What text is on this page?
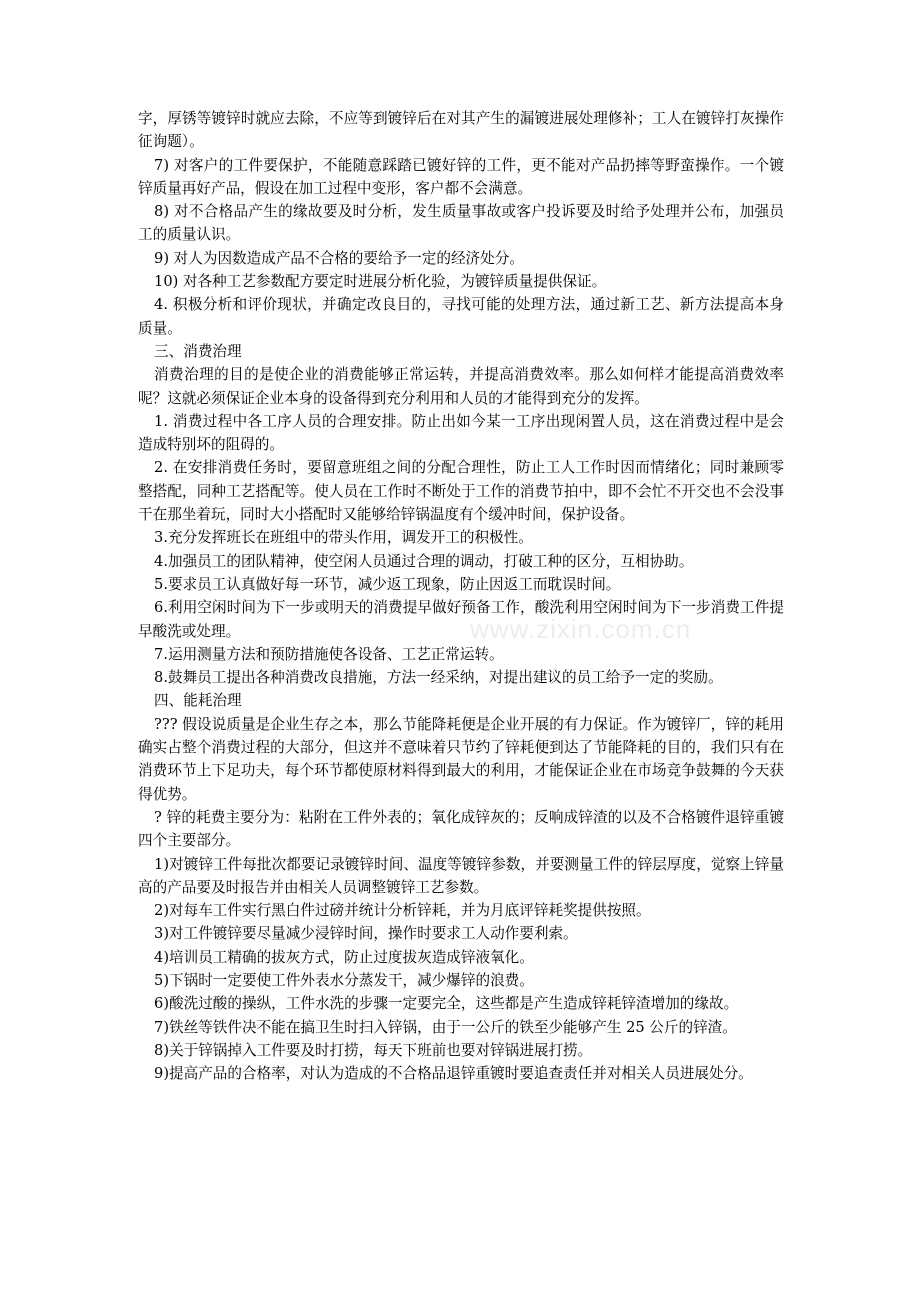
字，厚锈等镀锌时就应去除，不应等到镀锌后在对其产生的漏镀进展处理修补；工人在镀锌打灰操作征询题）。

7) 对客户的工件要保护，不能随意踩踏已镀好锌的工件，更不能对产品扔摔等野蛮操作。一个镀锌质量再好产品，假设在加工过程中变形，客户都不会满意。

8) 对不合格品产生的缘故要及时分析，发生质量事故或客户投诉要及时给予处理并公布，加强员工的质量认识。

9) 对人为因数造成产品不合格的要给予一定的经济处分。

10) 对各种工艺参数配方要定时进展分析化验，为镀锌质量提供保证。

4. 积极分析和评价现状，并确定改良目的，寻找可能的处理方法，通过新工艺、新方法提高本身质量。

三、消费治理

消费治理的目的是使企业的消费能够正常运转，并提高消费效率。那么如何样才能提高消费效率呢？这就必须保证企业本身的设备得到充分利用和人员的才能得到充分的发挥。

1. 消费过程中各工序人员的合理安排。防止出如今某一工序出现闲置人员，这在消费过程中是会造成特别坏的阻碍的。

2. 在安排消费任务时，要留意班组之间的分配合理性，防止工人工作时因而情绪化；同时兼顾零整搭配，同种工艺搭配等。使人员在工作时不断处于工作的消费节拍中，即不会忙不开交也不会没事干在那坐着玩，同时大小搭配时又能够给锌锅温度有个缓冲时间，保护设备。

3.充分发挥班长在班组中的带头作用，调发开工的积极性。

4.加强员工的团队精神，使空闲人员通过合理的调动，打破工种的区分，互相协助。

5.要求员工认真做好每一环节，减少返工现象，防止因返工而耽误时间。

6.利用空闲时间为下一步或明天的消费提早做好预备工作，酸洗利用空闲时间为下一步消费工件提早酸洗或处理。

7.运用测量方法和预防措施使各设备、工艺正常运转。

8.鼓舞员工提出各种消费改良措施，方法一经采纳，对提出建议的员工给予一定的奖励。

四、能耗治理

??? 假设说质量是企业生存之本，那么节能降耗便是企业开展的有力保证。作为镀锌厂，锌的耗用确实占整个消费过程的大部分，但这并不意味着只节约了锌耗便到达了节能降耗的目的，我们只有在消费环节上下足功夫，每个环节都使原材料得到最大的利用，才能保证企业在市场竞争鼓舞的今天获得优势。

? 锌的耗费主要分为：粘附在工件外表的；氧化成锌灰的；反响成锌渣的以及不合格镀件退锌重镀四个主要部分。

1)对镀锌工件每批次都要记录镀锌时间、温度等镀锌参数，并要测量工件的锌层厚度，觉察上锌量高的产品要及时报告并由相关人员调整镀锌工艺参数。

2)对每车工件实行黑白件过磅并统计分析锌耗，并为月底评锌耗奖提供按照。

3)对工件镀锌要尽量减少浸锌时间，操作时要求工人动作要利索。

4)培训员工精确的拔灰方式，防止过度拔灰造成锌液氧化。

5)下锅时一定要使工件外表水分蒸发干，减少爆锌的浪费。

6)酸洗过酸的操纵，工件水洗的步骤一定要完全，这些都是产生造成锌耗锌渣增加的缘故。

7)铁丝等铁件决不能在搞卫生时扫入锌锅，由于一公斤的铁至少能够产生 25 公斤的锌渣。

8)关于锌锅掉入工件要及时打捞，每天下班前也要对锌锅进展打捞。

9)提高产品的合格率，对认为造成的不合格品退锌重镀时要追查责任并对相关人员进展处分。

www.zixin.com.cn
